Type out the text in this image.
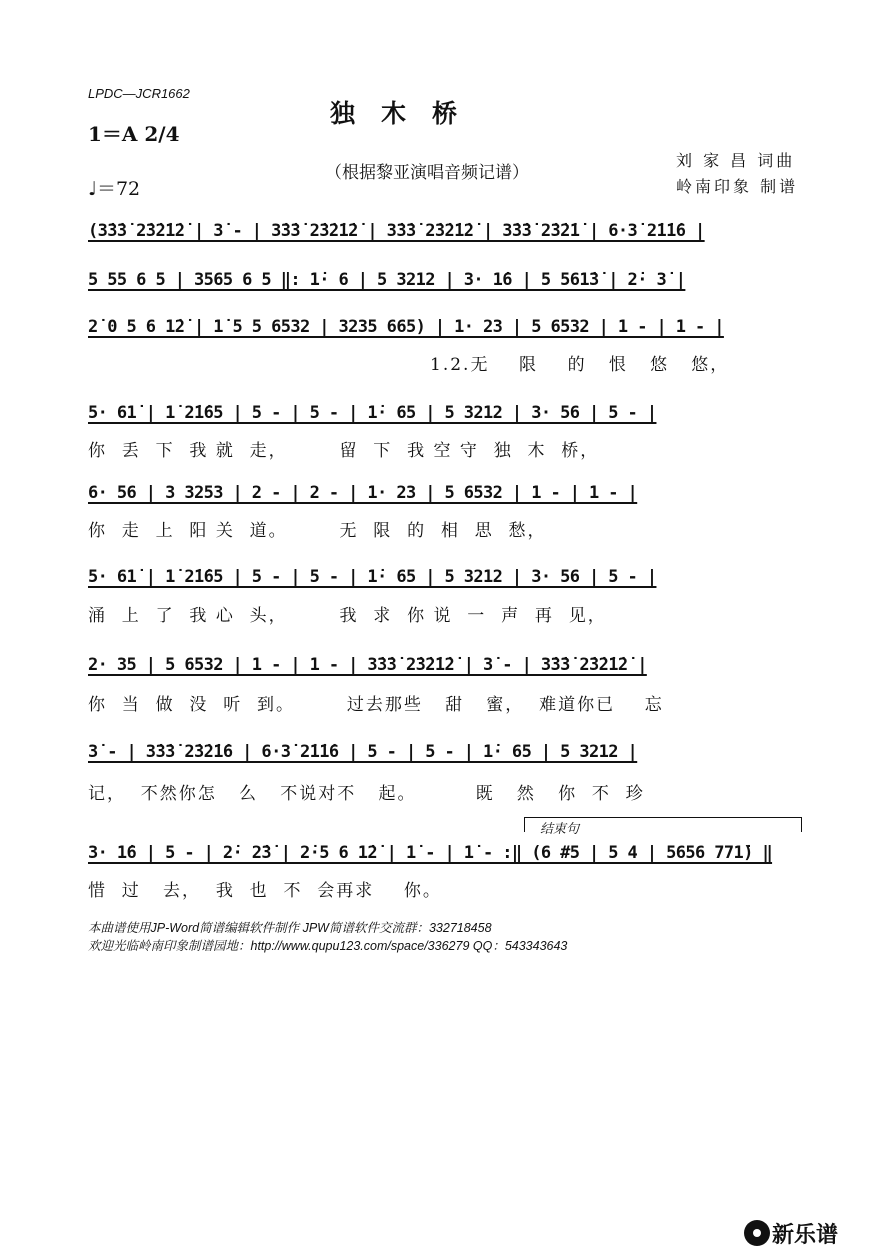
LPDC—JCR1662
独木桥
1＝A 2/4
（根据黎亚演唱音频记谱）
刘 家 昌 词曲
♩＝72	岭南印象 制谱
(3̇3̇3̇ 2̇3̇2̇1̇2̇ | 3̇ - | 3̇3̇3̇ 2̇3̇2̇1̇2̇ | 3̇3̇3̇ 2̇3̇2̇1̇2̇ | 3̇3̇3̇ 2̇3̇2̇1̇ | 6·3̇ 2̇1̇1̇6 |
5 55 6 5 | 3565 6 5 ‖: 1̇· 6 | 5 3212 | 3· 1̇6 | 5 561̇3̇ | 2̇· 3̇ |
2̇ 0 5 6 1̇2̇ | 1̇ 5 5 6532 | 3235 665) | 1· 23 | 5 6532 | 1 - | 1 - |
1.2.无    限    的   恨   悠   悠，
5· 61̇ | 1̇ 2̇1̇65 | 5 - | 5 - | 1̇· 65 | 5 3212 | 3· 56 | 5 - |
你  丢  下  我 就  走，       留  下  我 空 守  独  木  桥，
6· 56 | 3 3253 | 2 - | 2 - | 1· 23 | 5 6532 | 1 - | 1 - |
你  走  上  阳 关  道。       无  限  的  相  思  愁，
5· 61̇ | 1̇ 2̇1̇65 | 5 - | 5 - | 1̇· 65 | 5 3212 | 3· 56 | 5 - |
涌  上  了  我 心  头，       我  求  你 说  一  声  再  见，
2· 35 | 5 6532 | 1 - | 1 - | 3̇3̇3̇ 2̇3̇2̇1̇2̇ | 3̇ - | 3̇3̇3̇ 2̇3̇2̇1̇2̇ |
你  当  做  没  听  到。       过去那些   甜   蜜，  难道你已    忘
3̇ - | 3̇3̇3̇ 2̇3̇2̇1̇6 | 6·3̇ 2̇1̇1̇6 | 5 - | 5 - | 1̇· 65 | 5 3212 |
记，  不然你怎   么   不说对不   起。        既   然   你  不  珍
结束句
3· 1̇6 | 5 - | 2̇· 2̇3̇ | 2̇·5 6 1̇2̇ | 1̇ - | 1̇ - :‖ (6 #5 | 5 4 | 5656 771̇) ‖
惜  过   去，  我  也  不  会再求    你。
本曲谱使用JP-Word简谱编辑软件制作 JPW简谱软件交流群：332718458
欢迎光临岭南印象制谱园地：http://www.qupu123.com/space/336279 QQ：543343643
新乐谱
